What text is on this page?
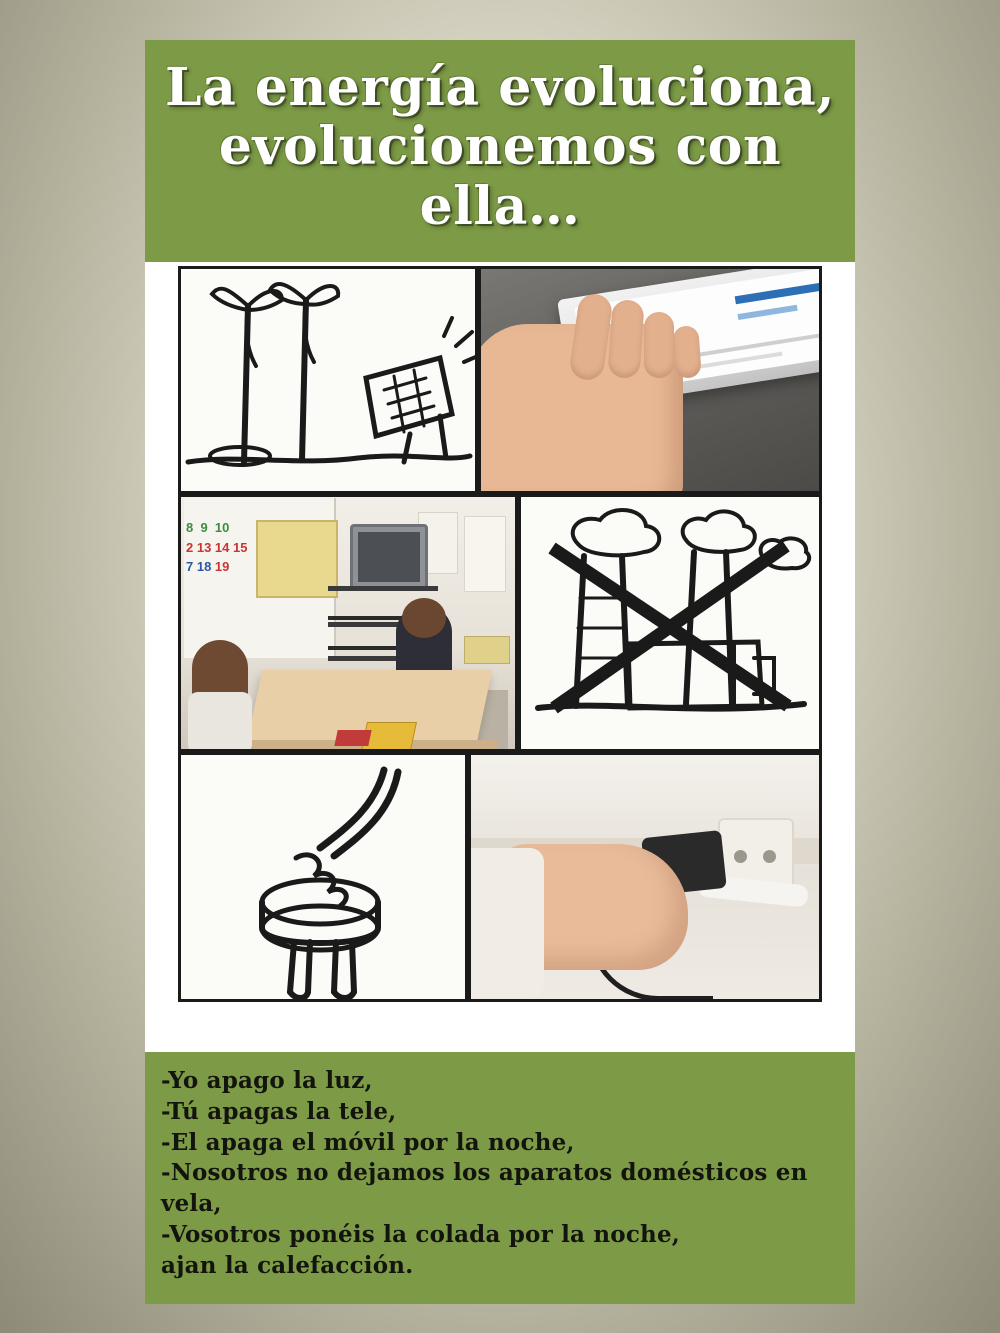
La energía evoluciona, evolucionemos con ella…
8  9  10
2 13 14 15
7 18 19

-Yo apago la luz,

-Tú apagas la tele,

-El apaga el móvil por la noche,

-Nosotros no dejamos los aparatos domésticos en

vela,

-Vosotros ponéis la colada por la noche,

ajan la calefacción.
